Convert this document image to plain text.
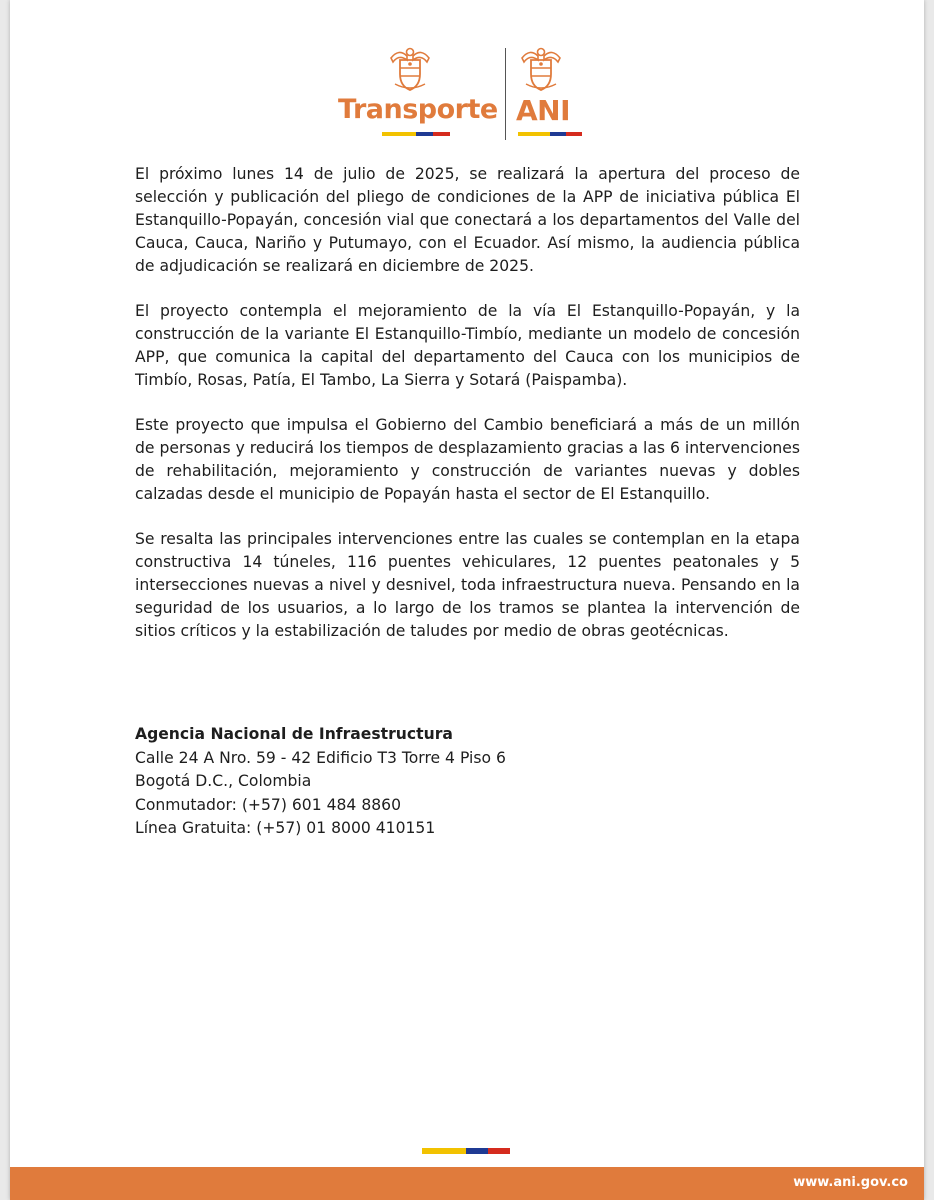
Transporte ANI

El próximo lunes 14 de julio de 2025, se realizará la apertura del proceso de selección y publicación del pliego de condiciones de la APP de iniciativa pública El Estanquillo-Popayán, concesión vial que conectará a los departamentos del Valle del Cauca, Cauca, Nariño y Putumayo, con el Ecuador. Así mismo, la audiencia pública de adjudicación se realizará en diciembre de 2025.

El proyecto contempla el mejoramiento de la vía El Estanquillo-Popayán, y la construcción de la variante El Estanquillo-Timbío, mediante un modelo de concesión APP, que comunica la capital del departamento del Cauca con los municipios de Timbío, Rosas, Patía, El Tambo, La Sierra y Sotará (Paispamba).

Este proyecto que impulsa el Gobierno del Cambio beneficiará a más de un millón de personas y reducirá los tiempos de desplazamiento gracias a las 6 intervenciones de rehabilitación, mejoramiento y construcción de variantes nuevas y dobles calzadas desde el municipio de Popayán hasta el sector de El Estanquillo.

Se resalta las principales intervenciones entre las cuales se contemplan en la etapa constructiva 14 túneles, 116 puentes vehiculares, 12 puentes peatonales y 5 intersecciones nuevas a nivel y desnivel, toda infraestructura nueva. Pensando en la seguridad de los usuarios, a lo largo de los tramos se plantea la intervención de sitios críticos y la estabilización de taludes por medio de obras geotécnicas.

Agencia Nacional de Infraestructura
Calle 24 A Nro. 59 - 42 Edificio T3 Torre 4 Piso 6
Bogotá D.C., Colombia
Conmutador: (+57) 601 484 8860
Línea Gratuita: (+57) 01 8000 410151
www.ani.gov.co
